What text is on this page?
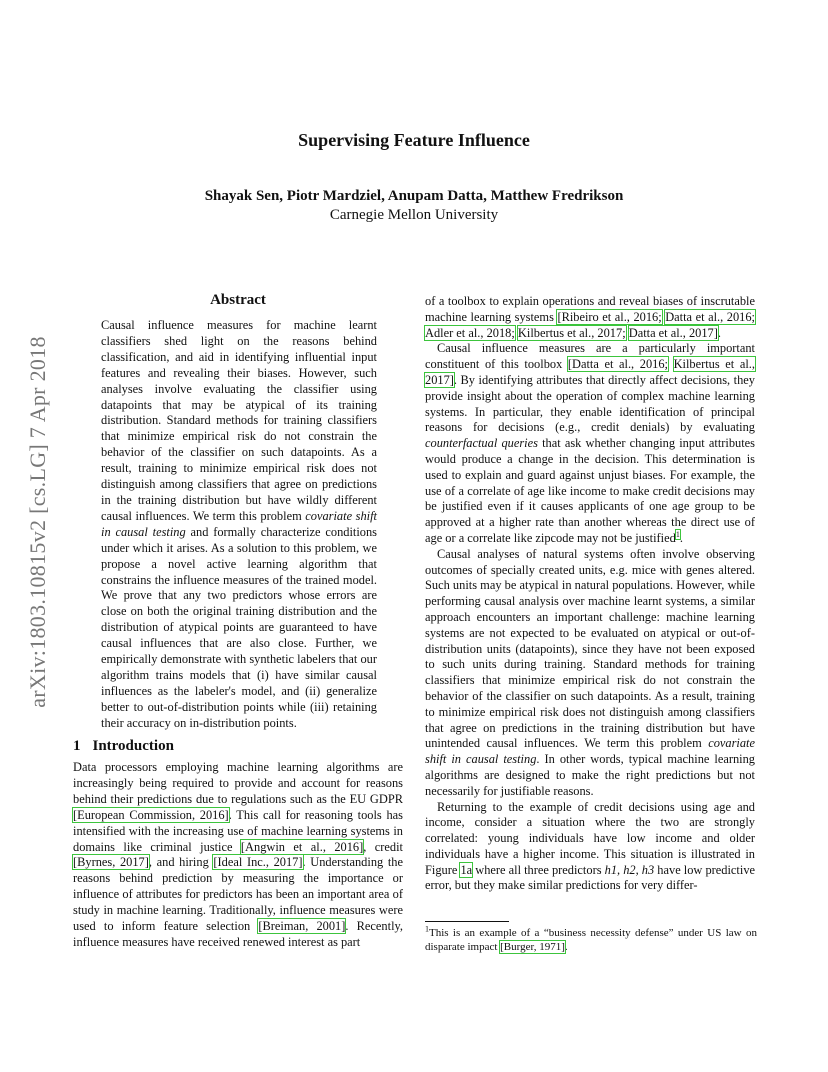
Supervising Feature Influence
Shayak Sen, Piotr Mardziel, Anupam Datta, Matthew Fredrikson
Carnegie Mellon University
arXiv:1803.10815v2 [cs.LG] 7 Apr 2018
Abstract

Causal influence measures for machine learnt classifiers shed light on the reasons behind classification, and aid in identifying influential input features and revealing their biases. However, such analyses involve evaluating the classifier using datapoints that may be atypical of its training distribution. Standard methods for training classifiers that minimize empirical risk do not constrain the behavior of the classifier on such datapoints. As a result, training to minimize empirical risk does not distinguish among classifiers that agree on predictions in the training distribution but have wildly different causal influences. We term this problem covariate shift in causal testing and formally characterize conditions under which it arises. As a solution to this problem, we propose a novel active learning algorithm that constrains the influence measures of the trained model. We prove that any two predictors whose errors are close on both the original training distribution and the distribution of atypical points are guaranteed to have causal influences that are also close. Further, we empirically demonstrate with synthetic labelers that our algorithm trains models that (i) have similar causal influences as the labeler's model, and (ii) generalize better to out-of-distribution points while (iii) retaining their accuracy on in-distribution points.

1 Introduction

Data processors employing machine learning algorithms are increasingly being required to provide and account for reasons behind their predictions due to regulations such as the EU GDPR [European Commission, 2016]. This call for reasoning tools has intensified with the increasing use of machine learning systems in domains like criminal justice [Angwin et al., 2016], credit [Byrnes, 2017], and hiring [Ideal Inc., 2017]. Understanding the reasons behind prediction by measuring the importance or influence of attributes for predictors has been an important area of study in machine learning. Traditionally, influence measures were used to inform feature selection [Breiman, 2001]. Recently, influence measures have received renewed interest as part

of a toolbox to explain operations and reveal biases of inscrutable machine learning systems [Ribeiro et al., 2016; Datta et al., 2016; Adler et al., 2018; Kilbertus et al., 2017; Datta et al., 2017].

Causal influence measures are a particularly important constituent of this toolbox [Datta et al., 2016; Kilbertus et al., 2017]. By identifying attributes that directly affect decisions, they provide insight about the operation of complex machine learning systems. In particular, they enable identification of principal reasons for decisions (e.g., credit denials) by evaluating counterfactual queries that ask whether changing input attributes would produce a change in the decision. This determination is used to explain and guard against unjust biases. For example, the use of a correlate of age like income to make credit decisions may be justified even if it causes applicants of one age group to be approved at a higher rate than another whereas the direct use of age or a correlate like zipcode may not be justified$^1$.

Causal analyses of natural systems often involve observing outcomes of specially created units, e.g. mice with genes altered. Such units may be atypical in natural populations. However, while performing causal analysis over machine learnt systems, a similar approach encounters an important challenge: machine learning systems are not expected to be evaluated on atypical or out-of-distribution units (datapoints), since they have not been exposed to such units during training. Standard methods for training classifiers that minimize empirical risk do not constrain the behavior of the classifier on such datapoints. As a result, training to minimize empirical risk does not distinguish among classifiers that agree on predictions in the training distribution but have unintended causal influences. We term this problem covariate shift in causal testing. In other words, typical machine learning algorithms are designed to make the right predictions but not necessarily for justifiable reasons.

Returning to the example of credit decisions using age and income, consider a situation where the two are strongly correlated: young individuals have low income and older individuals have a higher income. This situation is illustrated in Figure 1a where all three predictors h1, h2, h3 have low predictive error, but they make similar predictions for very differ-

$^1$This is an example of a “business necessity defense” under US law on disparate impact [Burger, 1971].
